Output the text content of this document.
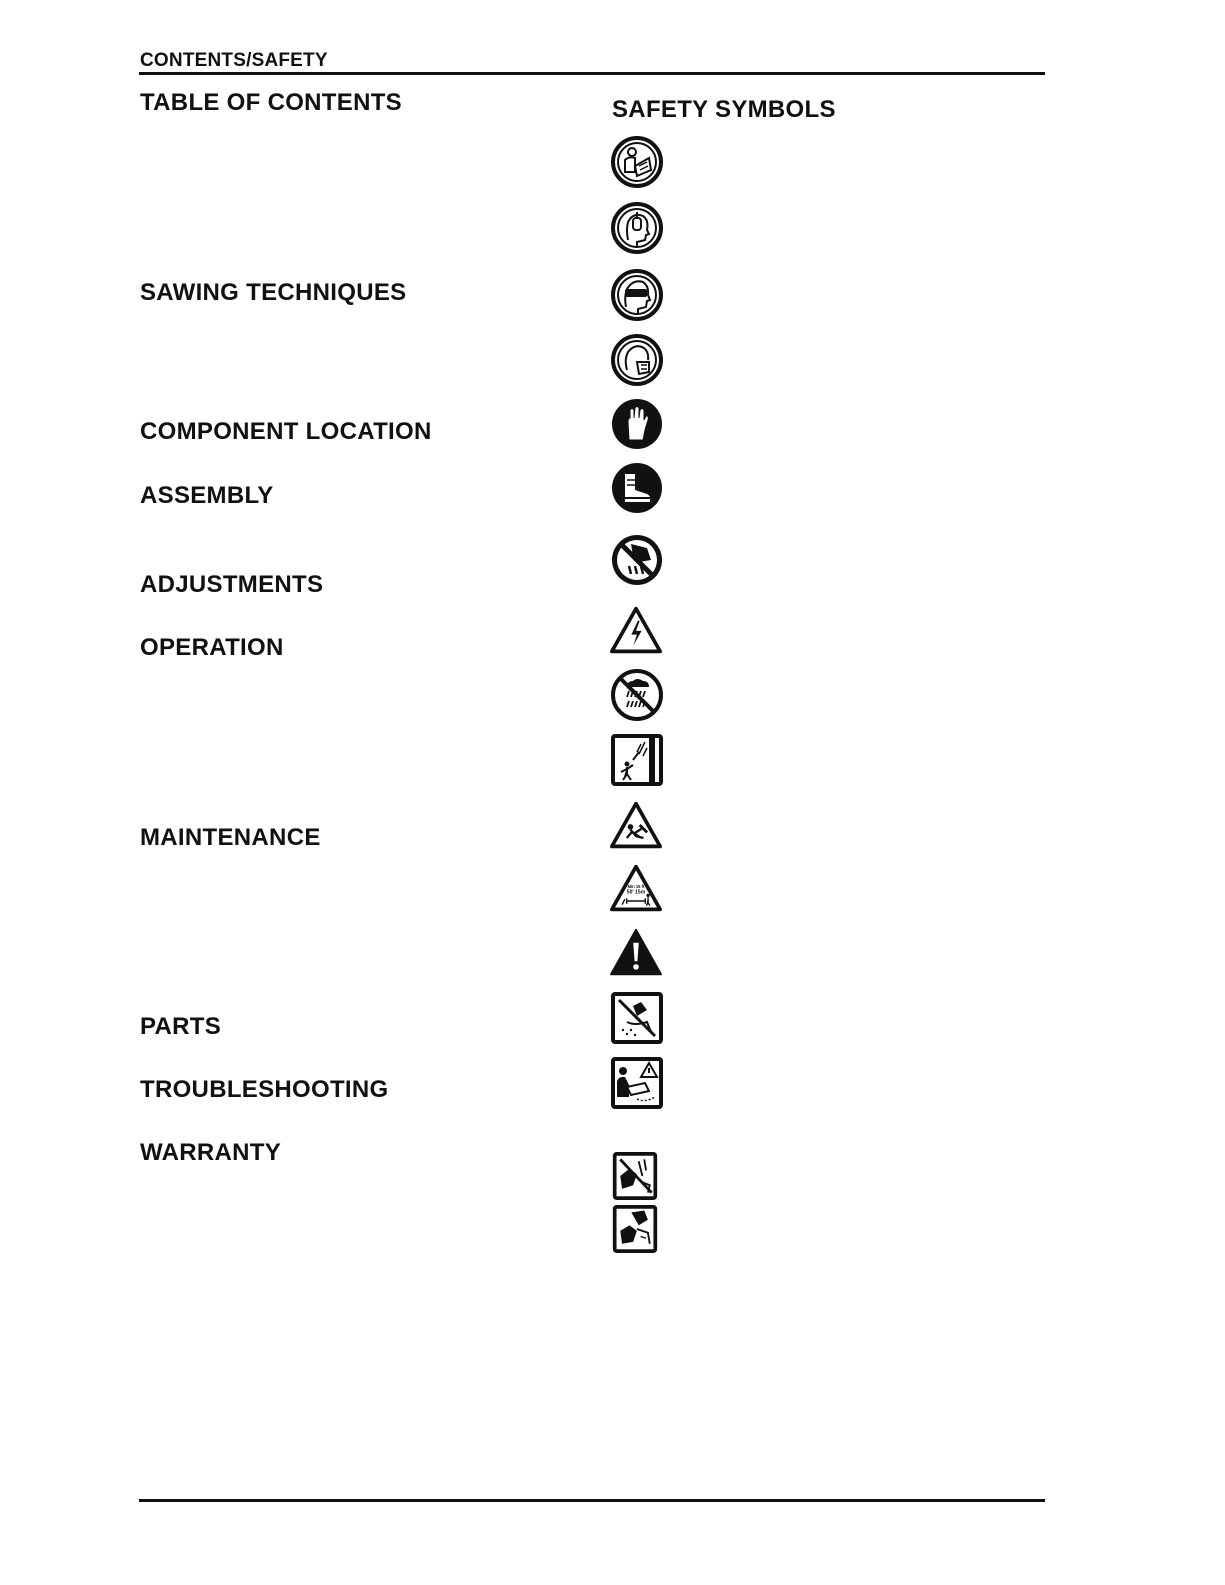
CONTENTS/SAFETY
TABLE OF CONTENTS
SAWING TECHNIQUES
COMPONENT LOCATION
ASSEMBLY
ADJUSTMENTS
OPERATION
MAINTENANCE
PARTS
TROUBLESHOOTING
WARRANTY
SAFETY SYMBOLS
Min 15 ft
50' 15m
